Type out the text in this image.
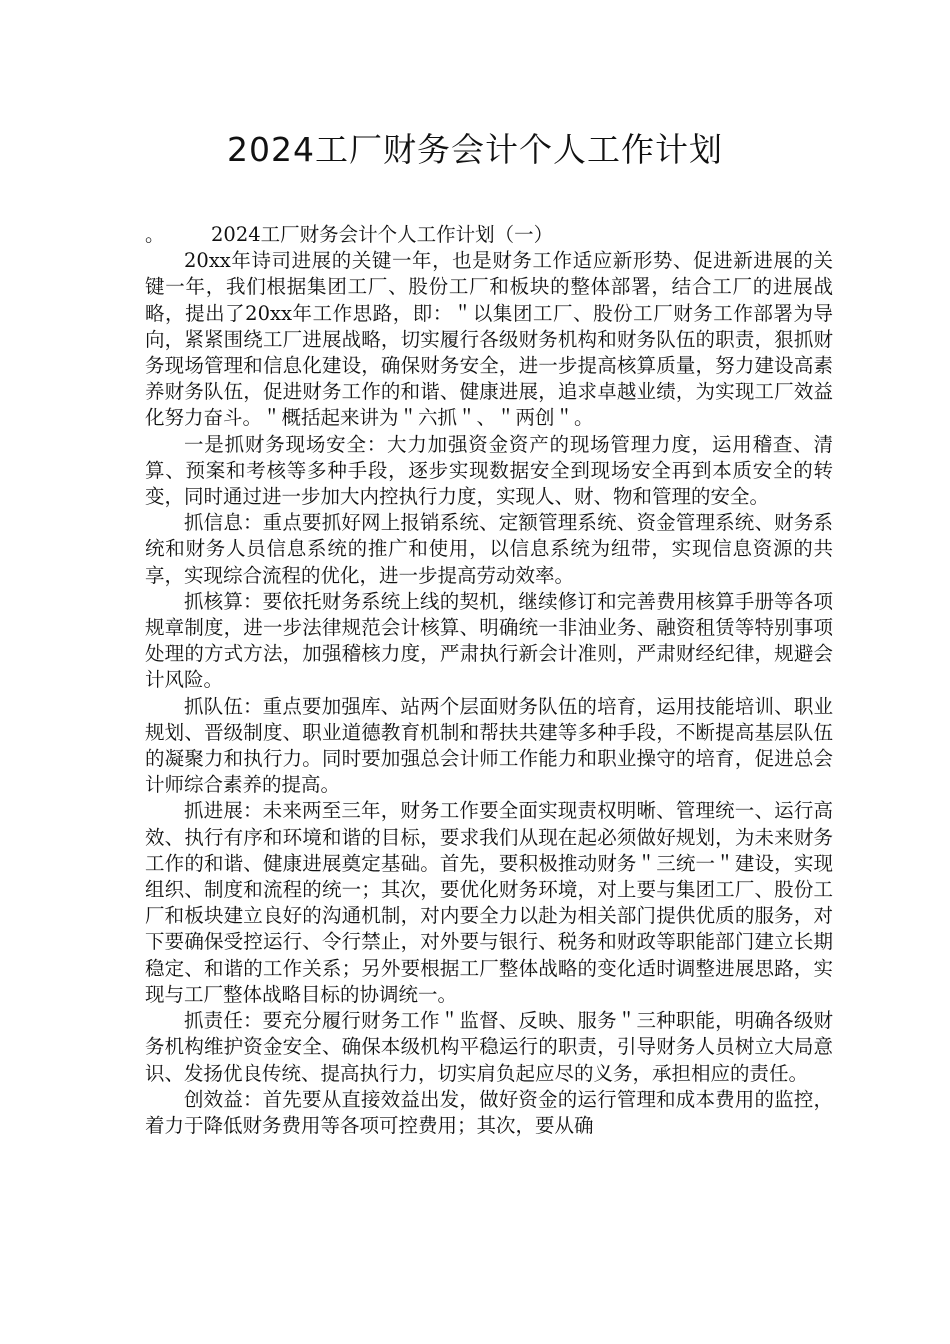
2024工厂财务会计个人工作计划

。 2024工厂财务会计个人工作计划（一）

20xx年诗司进展的关键一年，也是财务工作适应新形势、促进新进展的关键一年，我们根据集团工厂、股份工厂和板块的整体部署，结合工厂的进展战略，提出了20xx年工作思路，即：＂以集团工厂、股份工厂财务工作部署为导向，紧紧围绕工厂进展战略，切实履行各级财务机构和财务队伍的职责，狠抓财务现场管理和信息化建设，确保财务安全，进一步提高核算质量，努力建设高素养财务队伍，促进财务工作的和谐、健康进展，追求卓越业绩，为实现工厂效益化努力奋斗。＂概括起来讲为＂六抓＂、＂两创＂。

一是抓财务现场安全：大力加强资金资产的现场管理力度，运用稽查、清算、预案和考核等多种手段，逐步实现数据安全到现场安全再到本质安全的转变，同时通过进一步加大内控执行力度，实现人、财、物和管理的安全。

抓信息：重点要抓好网上报销系统、定额管理系统、资金管理系统、财务系统和财务人员信息系统的推广和使用，以信息系统为纽带，实现信息资源的共享，实现综合流程的优化，进一步提高劳动效率。

抓核算：要依托财务系统上线的契机，继续修订和完善费用核算手册等各项规章制度，进一步法律规范会计核算、明确统一非油业务、融资租赁等特别事项处理的方式方法，加强稽核力度，严肃执行新会计准则，严肃财经纪律，规避会计风险。

抓队伍：重点要加强库、站两个层面财务队伍的培育，运用技能培训、职业规划、晋级制度、职业道德教育机制和帮扶共建等多种手段，不断提高基层队伍的凝聚力和执行力。同时要加强总会计师工作能力和职业操守的培育，促进总会计师综合素养的提高。

抓进展：未来两至三年，财务工作要全面实现责权明晰、管理统一、运行高效、执行有序和环境和谐的目标，要求我们从现在起必须做好规划，为未来财务工作的和谐、健康进展奠定基础。首先，要积极推动财务＂三统一＂建设，实现组织、制度和流程的统一；其次，要优化财务环境，对上要与集团工厂、股份工厂和板块建立良好的沟通机制，对内要全力以赴为相关部门提供优质的服务，对下要确保受控运行、令行禁止，对外要与银行、税务和财政等职能部门建立长期稳定、和谐的工作关系；另外要根据工厂整体战略的变化适时调整进展思路，实现与工厂整体战略目标的协调统一。

抓责任：要充分履行财务工作＂监督、反映、服务＂三种职能，明确各级财务机构维护资金安全、确保本级机构平稳运行的职责，引导财务人员树立大局意识、发扬优良传统、提高执行力，切实肩负起应尽的义务，承担相应的责任。

创效益：首先要从直接效益出发，做好资金的运行管理和成本费用的监控，着力于降低财务费用等各项可控费用；其次，要从确
